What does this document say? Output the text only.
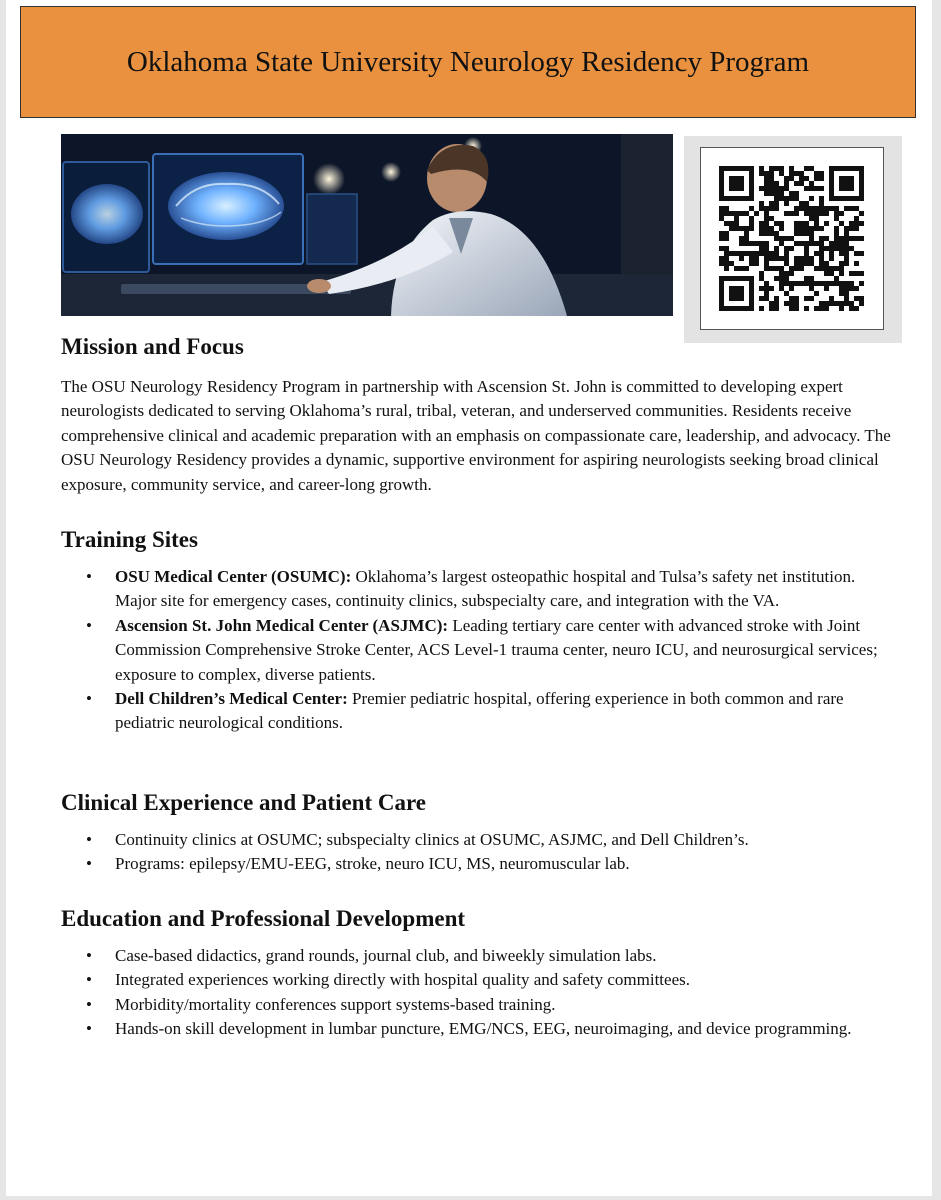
Oklahoma State University Neurology Residency Program
Mission and Focus

The OSU Neurology Residency Program in partnership with Ascension St. John is committed to developing expert neurologists dedicated to serving Oklahoma’s rural, tribal, veteran, and underserved communities. Residents receive comprehensive clinical and academic preparation with an emphasis on compassionate care, leadership, and advocacy. The OSU Neurology Residency provides a dynamic, supportive environment for aspiring neurologists seeking broad clinical exposure, community service, and career-long growth.

Training Sites
• OSU Medical Center (OSUMC): Oklahoma’s largest osteopathic hospital and Tulsa’s safety net institution. Major site for emergency cases, continuity clinics, subspecialty care, and integration with the VA.
• Ascension St. John Medical Center (ASJMC): Leading tertiary care center with advanced stroke with Joint Commission Comprehensive Stroke Center, ACS Level-1 trauma center, neuro ICU, and neurosurgical services; exposure to complex, diverse patients.
• Dell Children’s Medical Center: Premier pediatric hospital, offering experience in both common and rare pediatric neurological conditions.
Clinical Experience and Patient Care
• Continuity clinics at OSUMC; subspecialty clinics at OSUMC, ASJMC, and Dell Children’s.
• Programs: epilepsy/EMU-EEG, stroke, neuro ICU, MS, neuromuscular lab.
Education and Professional Development
• Case-based didactics, grand rounds, journal club, and biweekly simulation labs.
• Integrated experiences working directly with hospital quality and safety committees.
• Morbidity/mortality conferences support systems-based training.
• Hands-on skill development in lumbar puncture, EMG/NCS, EEG, neuroimaging, and device programming.
